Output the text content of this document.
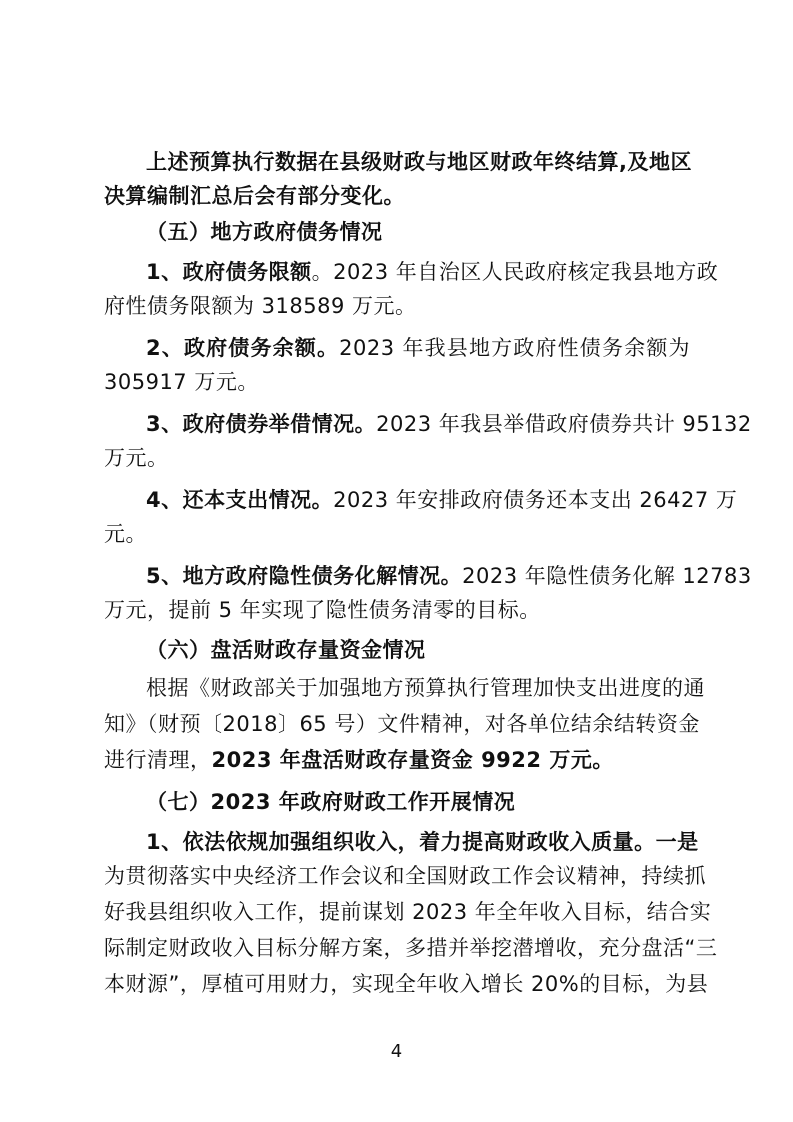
上述预算执行数据在县级财政与地区财政年终结算,及地区
决算编制汇总后会有部分变化。
（五）地方政府债务情况
1、政府债务限额。2023 年自治区人民政府核定我县地方政
府性债务限额为 318589 万元。
2、政府债务余额。2023 年我县地方政府性债务余额为
305917 万元。
3、政府债券举借情况。2023 年我县举借政府债券共计 95132
万元。
4、还本支出情况。2023 年安排政府债务还本支出 26427 万
元。
5、地方政府隐性债务化解情况。2023 年隐性债务化解 12783
万元，提前 5 年实现了隐性债务清零的目标。
（六）盘活财政存量资金情况
根据《财政部关于加强地方预算执行管理加快支出进度的通
知》（财预〔2018〕65 号）文件精神，对各单位结余结转资金
进行清理，2023 年盘活财政存量资金 9922 万元。
（七）2023 年政府财政工作开展情况
1、依法依规加强组织收入，着力提高财政收入质量。一是
为贯彻落实中央经济工作会议和全国财政工作会议精神，持续抓
好我县组织收入工作，提前谋划 2023 年全年收入目标，结合实
际制定财政收入目标分解方案，多措并举挖潜增收，充分盘活“三
本财源”，厚植可用财力，实现全年收入增长 20%的目标，为县
4
